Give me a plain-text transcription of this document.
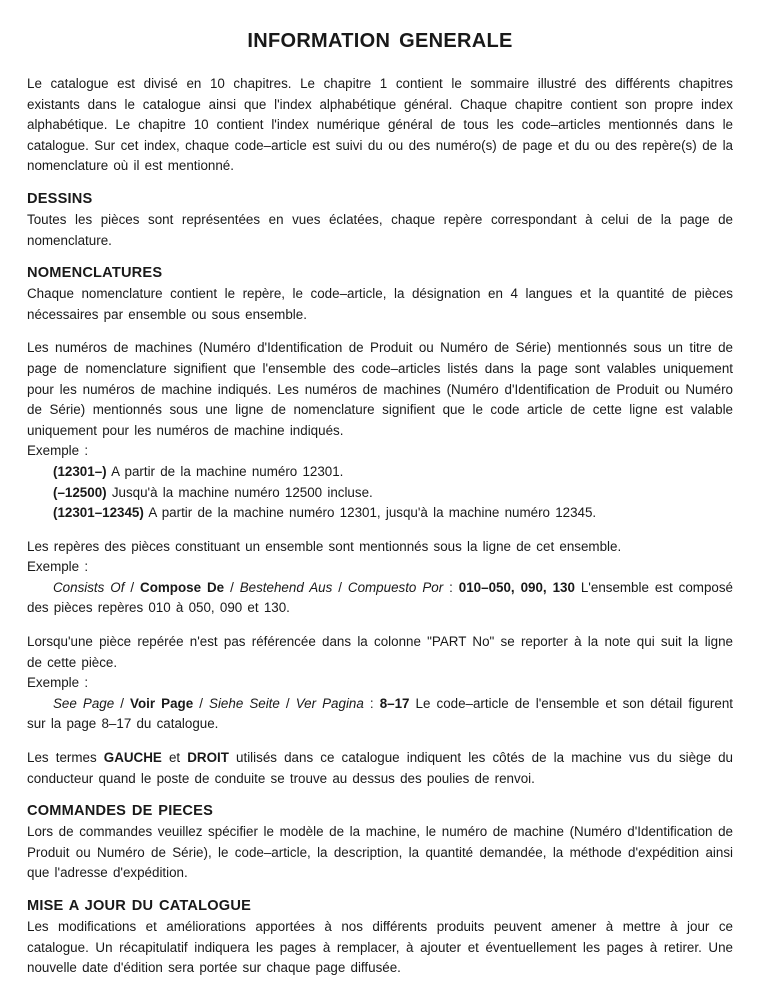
INFORMATION GENERALE

Le catalogue est divisé en 10 chapitres. Le chapitre 1 contient le sommaire illustré des différents chapitres existants dans le catalogue ainsi que l'index alphabétique général. Chaque chapitre contient son propre index alphabétique. Le chapitre 10 contient l'index numérique général de tous les code–articles mentionnés dans le catalogue. Sur cet index, chaque code–article est suivi du ou des numéro(s) de page et du ou des repère(s) de la nomenclature où il est mentionné.

DESSINS

Toutes les pièces sont représentées en vues éclatées, chaque repère correspondant à celui de la page de nomenclature.

NOMENCLATURES

Chaque nomenclature contient le repère, le code–article, la désignation en 4 langues et la quantité de pièces nécessaires par ensemble ou sous ensemble.

Les numéros de machines (Numéro d'Identification de Produit ou Numéro de Série) mentionnés sous un titre de page de nomenclature signifient que l'ensemble des code–articles listés dans la page sont valables uniquement pour les numéros de machine indiqués. Les numéros de machines (Numéro d'Identification de Produit ou Numéro de Série) mentionnés sous une ligne de nomenclature signifient que le code article de cette ligne est valable uniquement pour les numéros de machine indiqués.

Exemple :
(12301–) A partir de la machine numéro 12301.
(–12500) Jusqu'à la machine numéro 12500 incluse.
(12301–12345) A partir de la machine numéro 12301, jusqu'à la machine numéro 12345.

Les repères des pièces constituant un ensemble sont mentionnés sous la ligne de cet ensemble.

Exemple :

Consists Of / Compose De / Bestehend Aus / Compuesto Por : 010–050, 090, 130 L'ensemble est composé des pièces repères 010 à 050, 090 et 130.

Lorsqu'une pièce repérée n'est pas référencée dans la colonne "PART No" se reporter à la note qui suit la ligne de cette pièce.

Exemple :

See Page / Voir Page / Siehe Seite / Ver Pagina : 8–17 Le code–article de l'ensemble et son détail figurent sur la page 8–17 du catalogue.

Les termes GAUCHE et DROIT utilisés dans ce catalogue indiquent les côtés de la machine vus du siège du conducteur quand le poste de conduite se trouve au dessus des poulies de renvoi.

COMMANDES DE PIECES

Lors de commandes veuillez spécifier le modèle de la machine, le numéro de machine (Numéro d'Identification de Produit ou Numéro de Série), le code–article, la description, la quantité demandée, la méthode d'expédition ainsi que l'adresse d'expédition.

MISE A JOUR DU CATALOGUE

Les modifications et améliorations apportées à nos différents produits peuvent amener à mettre à jour ce catalogue. Un récapitulatif indiquera les pages à remplacer, à ajouter et éventuellement les pages à retirer. Une nouvelle date d'édition sera portée sur chaque page diffusée.
